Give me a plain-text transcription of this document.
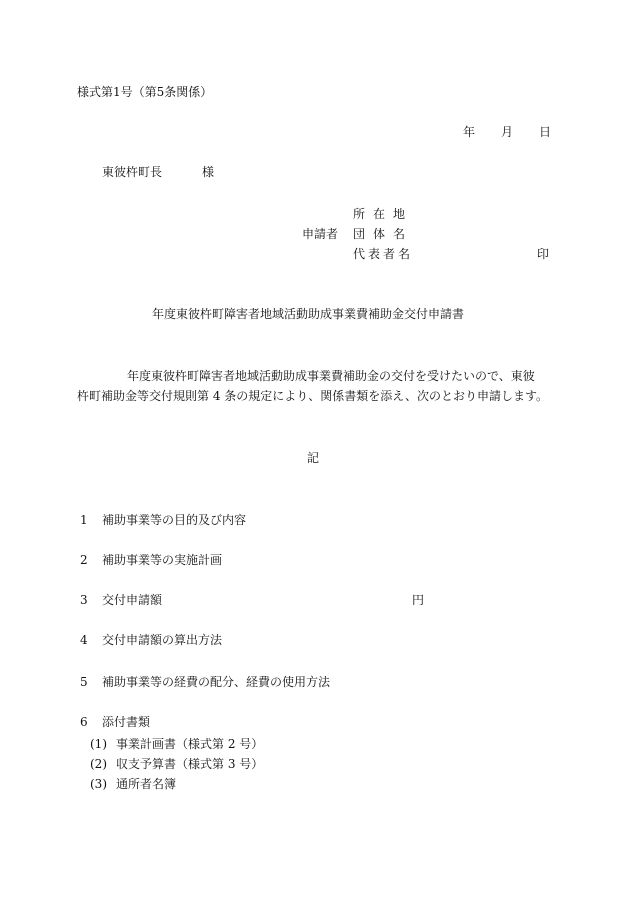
様式第1号（第5条関係）
年 月 日
東彼杵町長	様
申請者
所在地
団体名
代表者名	印
年度東彼杵町障害者地域活動助成事業費補助金交付申請書
年度東彼杵町障害者地域活動助成事業費補助金の交付を受けたいので、東彼
杵町補助金等交付規則第 4 条の規定により、関係書類を添え、次のとおり申請します。
記
1 補助事業等の目的及び内容
2 補助事業等の実施計画
3 交付申請額	円
4 交付申請額の算出方法
5 補助事業等の経費の配分、経費の使用方法
6 添付書類
(1) 事業計画書（様式第 2 号）
(2) 収支予算書（様式第 3 号）
(3) 通所者名簿
